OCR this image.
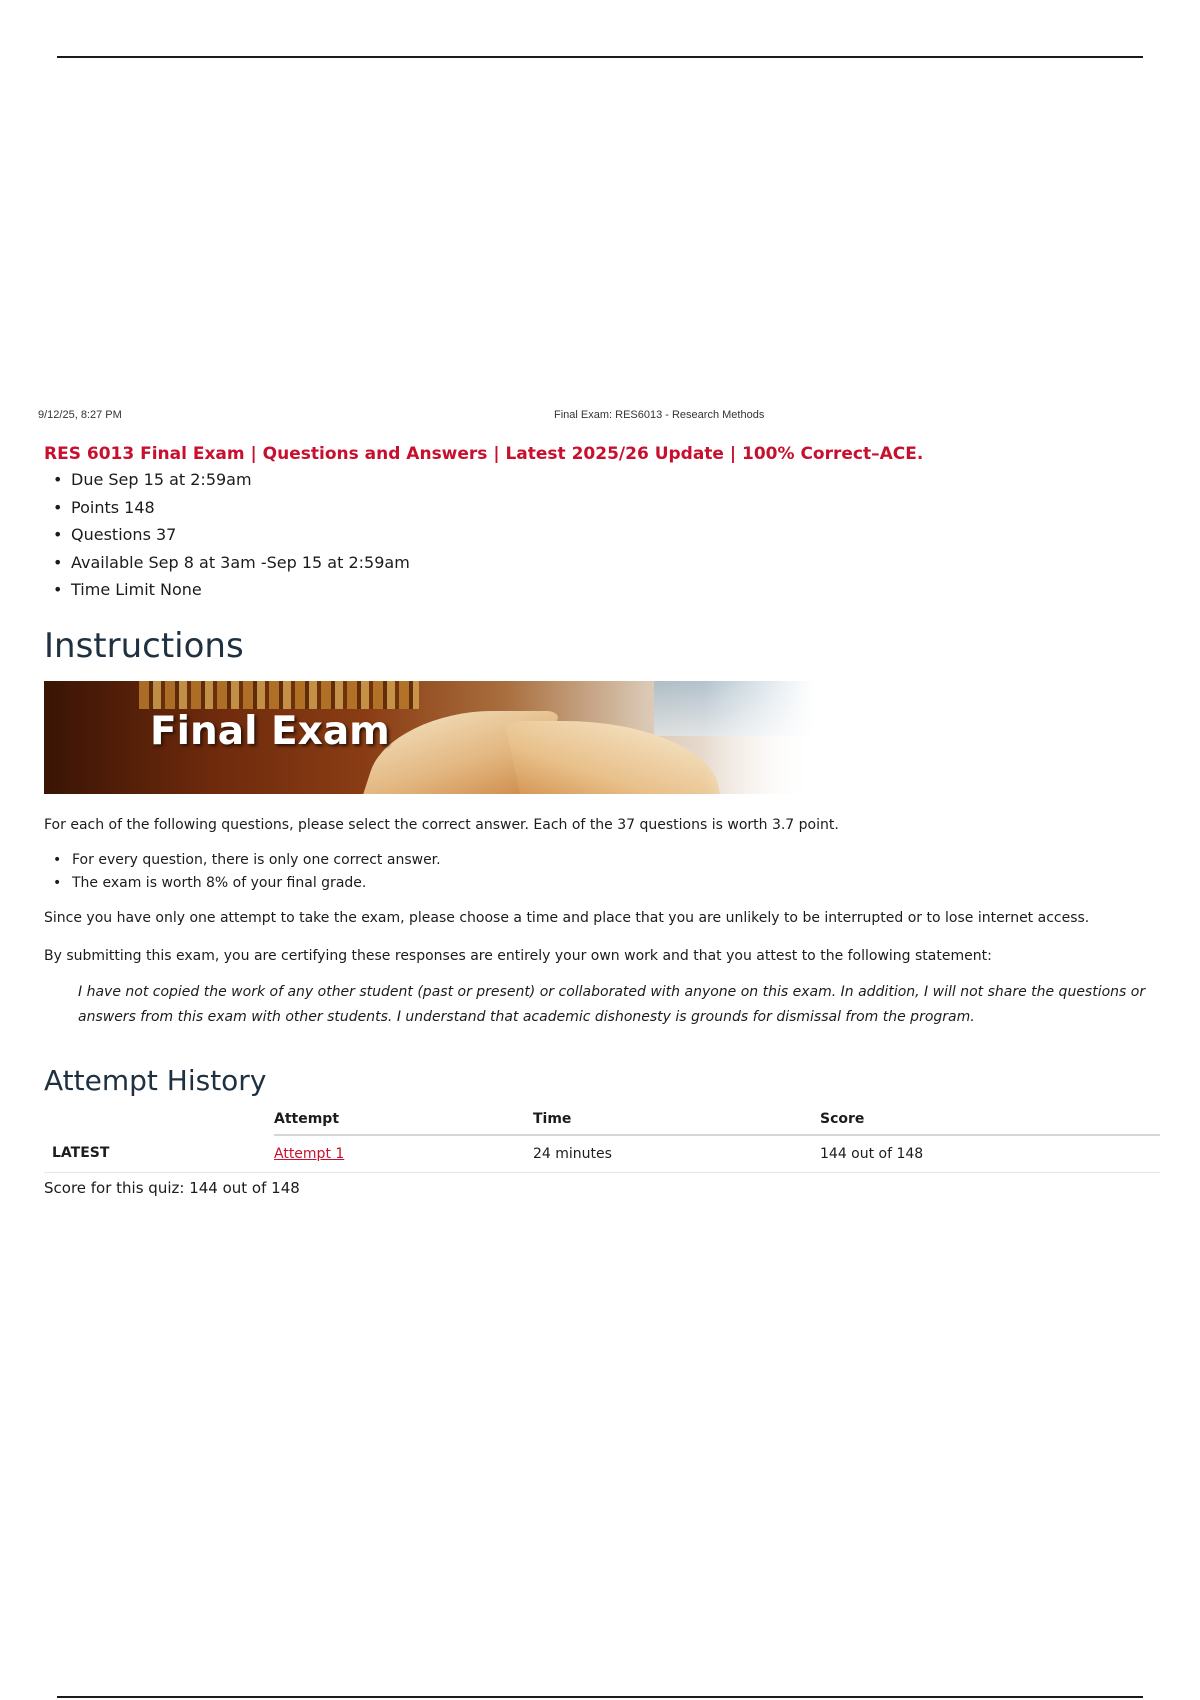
9/12/25, 8:27 PM	Final Exam: RES6013 - Research Methods
RES 6013 Final Exam | Questions and Answers | Latest 2025/26 Update | 100% Correct–ACE.
• Due Sep 15 at 2:59am
• Points 148
• Questions 37
• Available Sep 8 at 3am -Sep 15 at 2:59am
• Time Limit None
Instructions
Final Exam

For each of the following questions, please select the correct answer. Each of the 37 questions is worth 3.7 point.

• For every question, there is only one correct answer.
• The exam is worth 8% of your final grade.

Since you have only one attempt to take the exam, please choose a time and place that you are unlikely to be interrupted or to lose internet access.

By submitting this exam, you are certifying these responses are entirely your own work and that you attest to the following statement:

I have not copied the work of any other student (past or present) or collaborated with anyone on this exam. In addition, I will not share the questions or answers from this exam with other students. I understand that academic dishonesty is grounds for dismissal from the program.

Attempt History
	Attempt	Time	Score
LATEST	Attempt 1	24 minutes	144 out of 148

Score for this quiz: 144 out of 148
